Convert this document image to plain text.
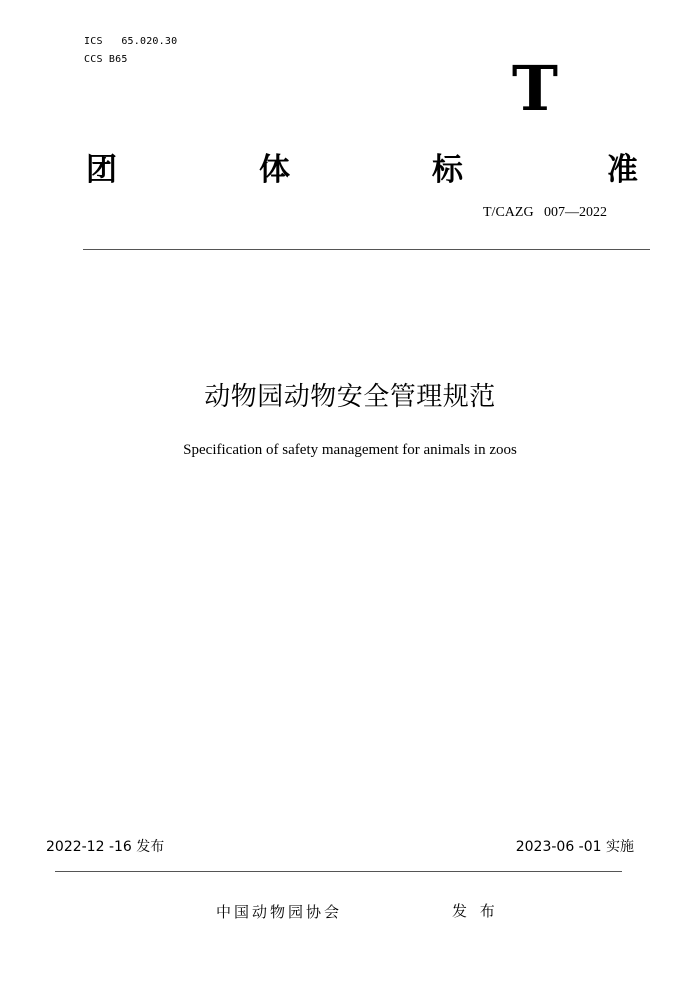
ICS   65.020.30
CCS B65	T
团	体	标	准
T/CAZG   007—2022
动物园动物安全管理规范
Specification of safety management for animals in zoos
2022-12 -16 发布	2023-06 -01 实施
中国动物园协会	发 布
